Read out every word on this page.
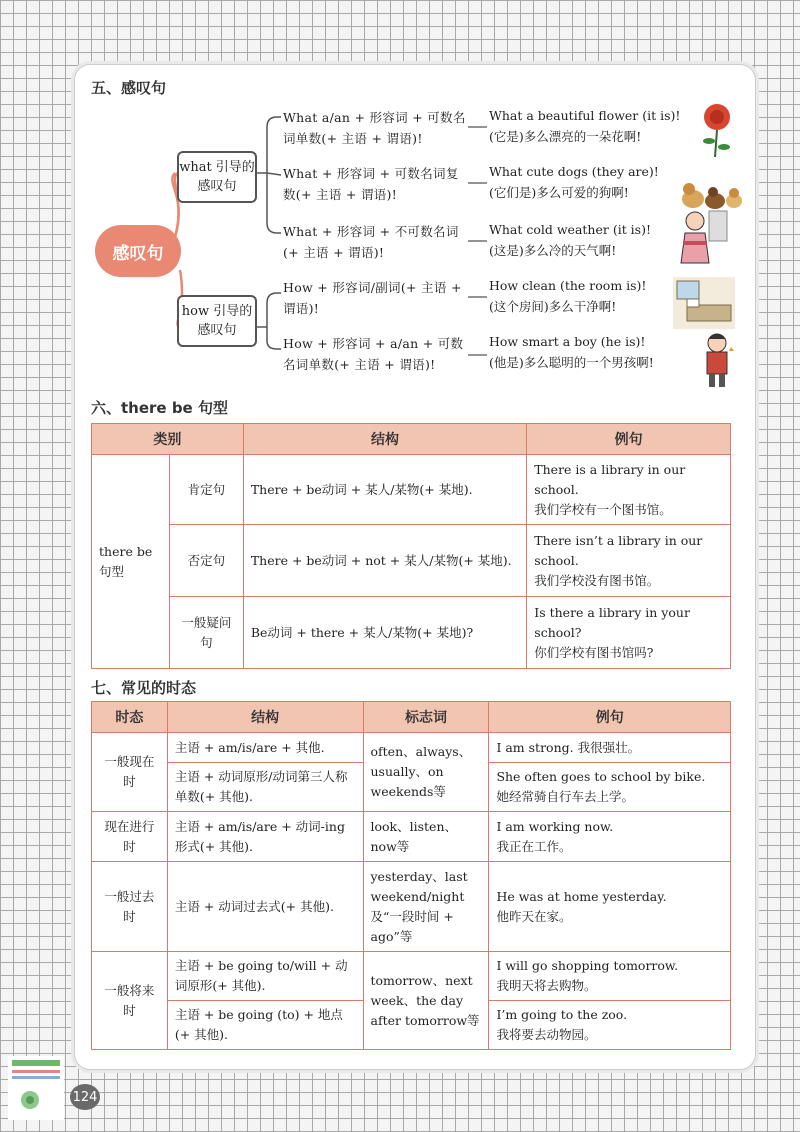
五、感叹句
感叹句
what 引导的感叹句
how 引导的感叹句
What a/an + 形容词 + 可数名词单数(+ 主语 + 谓语)!
What + 形容词 + 可数名词复数(+ 主语 + 谓语)!
What + 形容词 + 不可数名词(+ 主语 + 谓语)!
How + 形容词/副词(+ 主语 + 谓语)!
How + 形容词 + a/an + 可数名词单数(+ 主语 + 谓语)!
What a beautiful flower (it is)!
(它是)多么漂亮的一朵花啊!
What cute dogs (they are)!
(它们是)多么可爱的狗啊!
What cold weather (it is)!
(这是)多么冷的天气啊!
How clean (the room is)!
(这个房间)多么干净啊!
How smart a boy (he is)!
(他是)多么聪明的一个男孩啊!
六、there be 句型
类别		结构	例句
there be 句型	肯定句	There + be动词 + 某人/某物(+ 某地).	There is a library in our school.
我们学校有一个图书馆。

	否定句	There + be动词 + not + 某人/某物(+ 某地).	There isn’t a library in our school.
我们学校没有图书馆。

	一般疑问句	Be动词 + there + 某人/某物(+ 某地)?	Is there a library in your school?
你们学校有图书馆吗?
七、常见的时态
时态	结构	标志词	例句
一般现在时	主语 + am/is/are + 其他.	often、always、usually、on weekends等	I am strong. 我很强壮。
	主语 + 动词原形/动词第三人称单数(+ 其他).		She often goes to school by bike.
她经常骑自行车去上学。

现在进行时	主语 + am/is/are + 动词-ing形式(+ 其他).	look、listen、now等	I am working now.
我正在工作。

一般过去时	主语 + 动词过去式(+ 其他).	yesterday、last weekend/night及“一段时间 + ago”等	He was at home yesterday.
他昨天在家。

一般将来时	主语 + be going to/will + 动词原形(+ 其他).	tomorrow、next week、the day after tomorrow等	I will go shopping tomorrow.
我明天将去购物。

	主语 + be going (to) + 地点(+ 其他).		I’m going to the zoo.
我将要去动物园。
124
